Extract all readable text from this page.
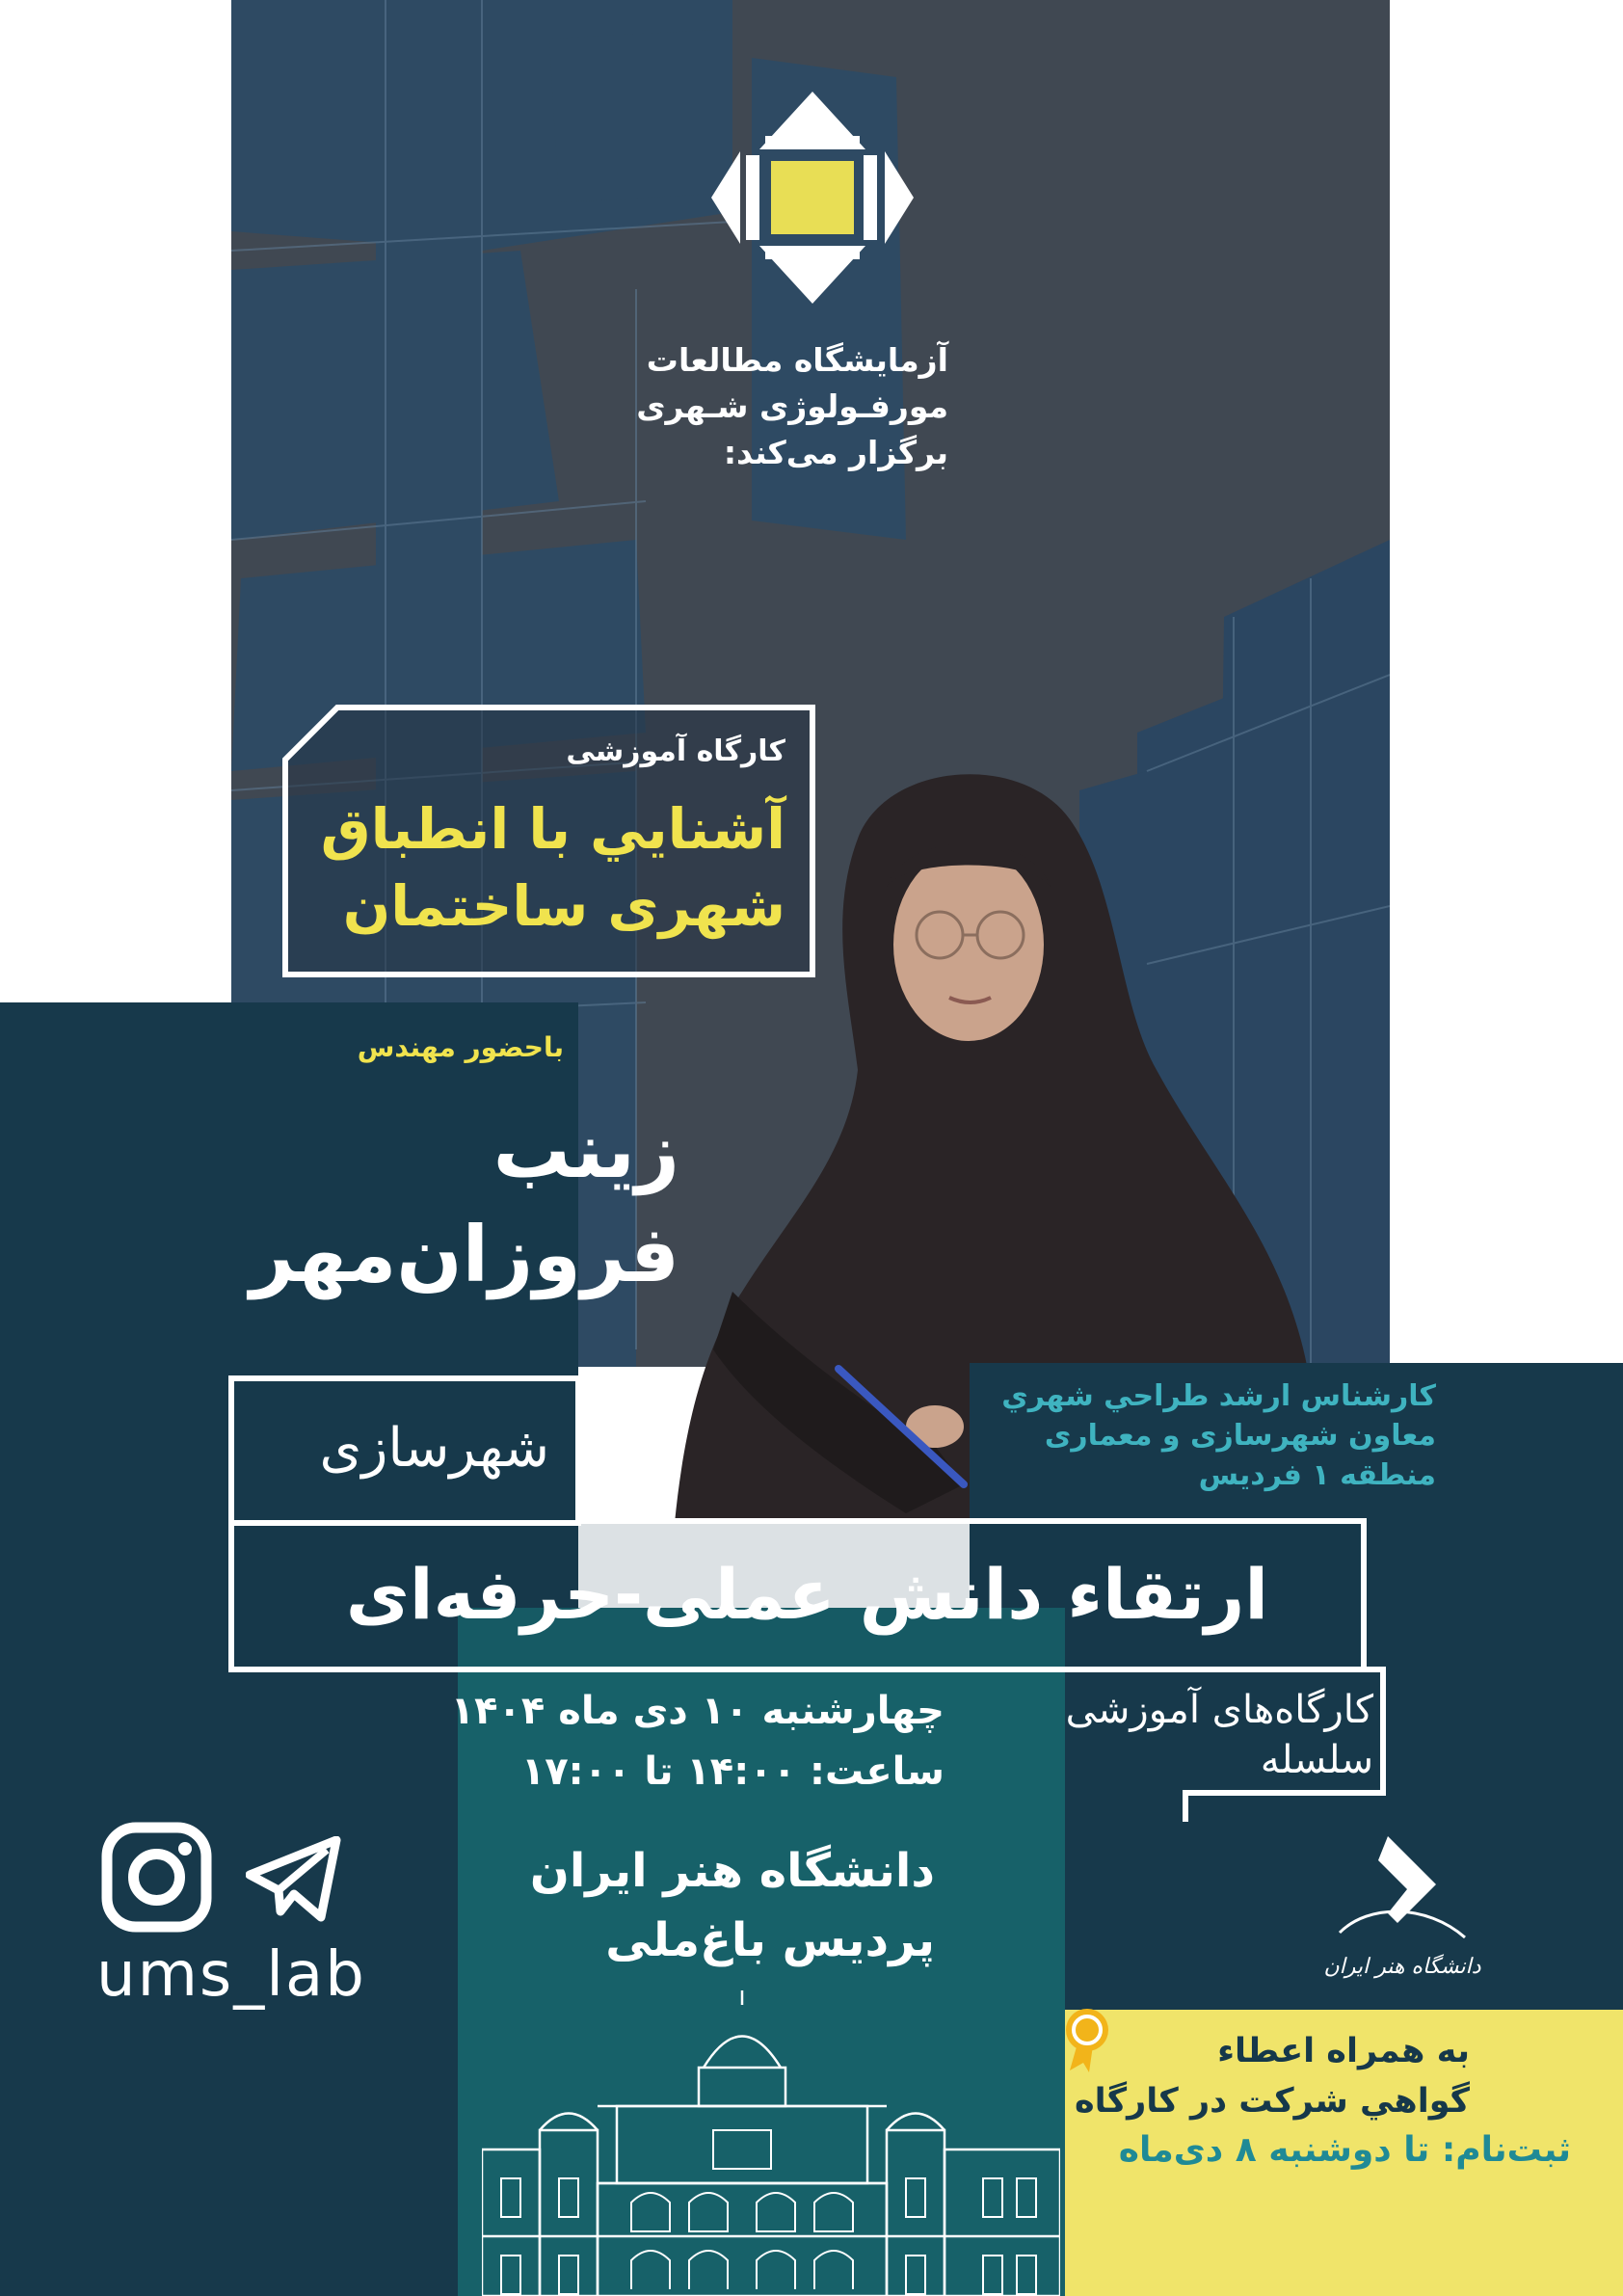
آزمایشگاه مطالعات
مورفـولوژی شـهری
برگزار می‌کند:
کارگاه آموزشی
آشنايي با انطباق
شهری ساختمان
باحضور مهندس
زینب
فروزان‌مهر
کارشناس ارشد طراحي شهري
معاون شهرسازی و معماری
منطقه ۱ فردیس
شهرسازی
ارتقاء دانش عملی-حرفه‌ای
کارگاه‌های آموزشی
سلسله
چهارشنبه ۱۰ دی ماه ۱۴۰۴
ساعت: ۱۴:۰۰ تا ۱۷:۰۰
دانشگاه هنر ایران
پردیس باغ‌ملی
ums_lab	دانشگاه هنر ایران
به همراه اعطاء
گواهي شركت در كارگاه
ثبت‌نام: تا دوشنبه ۸ دی‌ماه
